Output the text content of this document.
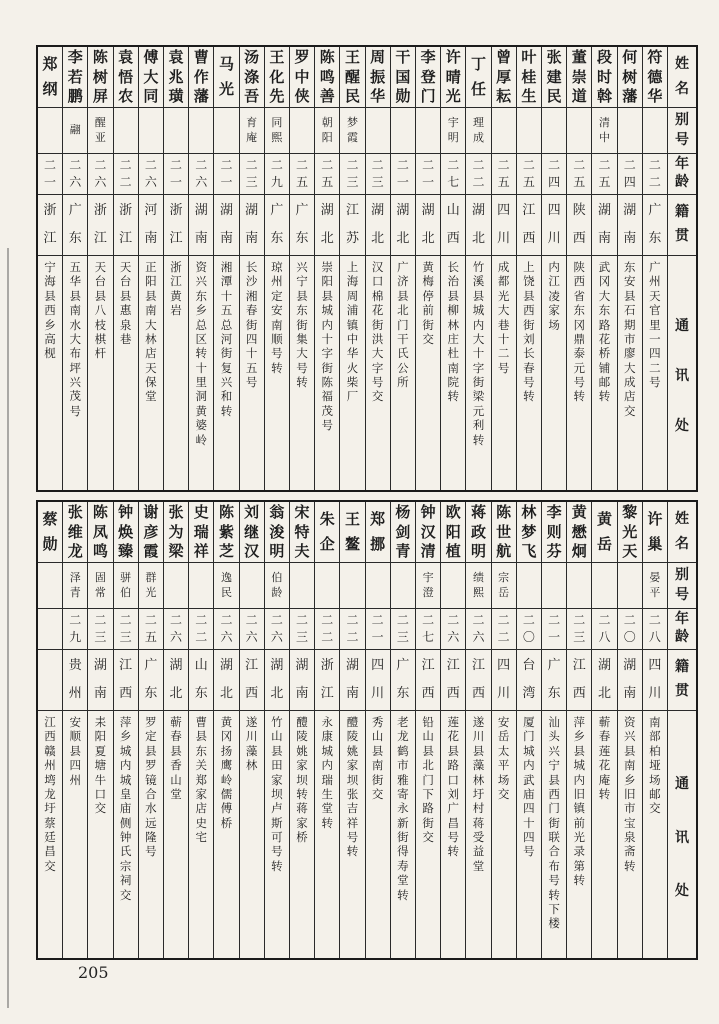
姓
名
别
号
年
龄
籍
贯
通
讯
处
符
德
华
二
二
广
东
广
州
天
官
里
一
四
二
号
何
树
藩
二
四
湖
南
东
安
县
石
期
市
廖
大
成
店
交
段
时
斡
清
中
二
五
湖
南
武
冈
大
东
路
花
桥
铺
邮
转
董
崇
道
二
五
陕
西
陕
西
省
东
冈
鼎
泰
元
号
转
张
建
民
二
四
四
川
内
江
凌
家
场
叶
桂
生
二
五
江
西
上
饶
县
西
街
刘
长
春
号
转
曾
厚
耘
二
五
四
川
成
都
光
大
巷
十
二
号
丁
任
理
成
二
二
湖
北
竹
溪
县
城
内
大
十
字
街
梁
元
利
转
许
晴
光
宇
明
二
七
山
西
长
治
县
柳
林
庄
杜
南
院
转
李
登
门
二
一
湖
北
黄
梅
停
前
街
交
干
国
勋
二
一
湖
北
广
济
县
北
门
干
氏
公
所
周
振
华
二
三
湖
北
汉
口
棉
花
街
洪
大
字
号
交
王
醒
民
梦
霞
二
三
江
苏
上
海
周
浦
镇
中
华
火
柴
厂
陈
鸣
善
朝
阳
二
五
湖
北
崇
阳
县
城
内
十
字
街
陈
福
茂
号
罗
中
侠
二
五
广
东
兴
宁
县
东
街
集
大
号
转
王
化
先
同
熙
二
九
广
东
琼
州
定
安
南
顺
号
转
汤
涤
吾
育
庵
二
三
湖
南
长
沙
湘
春
街
四
十
五
号
马
光
二
一
湖
南
湘
潭
十
五
总
河
街
复
兴
和
转
曹
作
藩
二
六
湖
南
资
兴
东
乡
总
区
转
十
里
洞
黄
婆
岭
袁
兆
璜
二
一
浙
江
浙
江
黄
岩
傅
大
同
二
六
河
南
正
阳
县
南
大
林
店
天
保
堂
袁
悟
农
二
二
浙
江
天
台
县
惠
泉
巷
陈
树
屏
醒
亚
二
六
浙
江
天
台
县
八
枝
棋
杆
李
若
鹏
翮
二
六
广
东
五
华
县
南
水
大
布
坪
兴
茂
号
郑
纲
二
一
浙
江
宁
海
县
西
乡
高
枧
姓
名
别
号
年
龄
籍
贯
通
讯
处
许
巢
晏
平
二
八
四
川
南
部
柏
垭
场
邮
交
黎
光
天
二
〇
湖
南
资
兴
县
南
乡
旧
市
宝
泉
斋
转
黄
岳
二
八
湖
北
蕲
春
莲
花
庵
转
黄
懋
炯
二
三
江
西
萍
乡
县
城
内
旧
镇
前
光
录
第
转
李
则
芬
二
一
广
东
汕
头
兴
宁
县
西
门
街
联
合
布
号
转
下
楼
林
梦
飞
二
〇
台
湾
厦
门
城
内
武
庙
四
十
四
号
陈
世
航
宗
岳
二
二
四
川
安
岳
太
平
场
交
蒋
政
明
绩
熙
二
六
江
西
遂
川
县
藻
林
圩
村
蒋
受
益
堂
欧
阳
植
二
六
江
西
莲
花
县
路
口
刘
广
昌
号
转
钟
汉
清
宇
澄
二
七
江
西
铅
山
县
北
门
下
路
街
交
杨
剑
青
二
三
广
东
老
龙
鹤
市
雅
寄
永
新
街
得
寿
堂
转
郑
挪
二
一
四
川
秀
山
县
南
街
交
王
鳌
二
二
湖
南
醴
陵
姚
家
坝
张
吉
祥
号
转
朱
企
二
二
浙
江
永
康
城
内
瑞
生
堂
转
宋
特
夫
二
三
湖
南
醴
陵
姚
家
坝
转
蒋
家
桥
翁
浚
明
伯
龄
二
六
湖
北
竹
山
县
田
家
坝
卢
斯
可
号
转
刘
继
汉
二
六
江
西
遂
川
藻
林
陈
紫
芝
逸
民
二
六
湖
北
黄
冈
扬
鹰
岭
儒
傅
桥
史
瑞
祥
二
二
山
东
曹
县
东
关
郑
家
店
史
宅
张
为
梁
二
六
湖
北
蕲
春
县
香
山
堂
谢
彦
霞
群
光
二
五
广
东
罗
定
县
罗
镜
合
水
远
隆
号
钟
焕
臻
骈
伯
二
三
江
西
萍
乡
城
内
城
皇
庙
侧
钟
氏
宗
祠
交
陈
凤
鸣
固
常
二
三
湖
南
耒
阳
夏
塘
牛
口
交
张
维
龙
泽
青
二
九
贵
州
安
顺
县
四
州
蔡
勋
江
西
赣
州
塆
龙
圩
蔡
廷
昌
交
205
